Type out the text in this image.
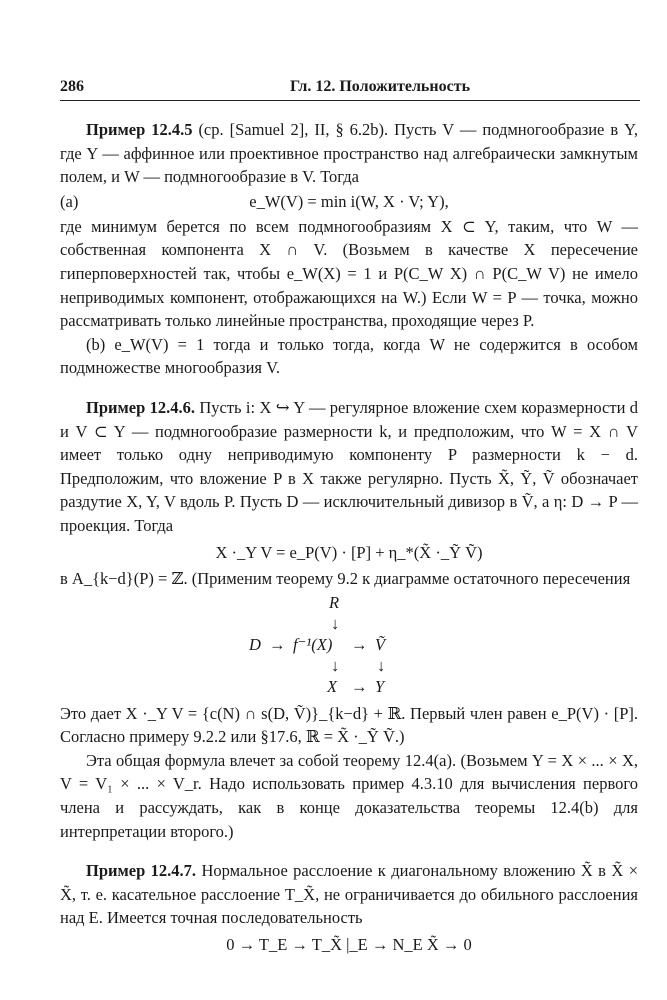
286	Гл. 12. Положительность

Пример 12.4.5 (ср. [Samuel 2], II, § 6.2b). Пусть V — подмногообразие в Y, где Y — аффинное или проективное пространство над алгебраически замкнутым полем, и W — подмногообразие в V. Тогда

(a)	e_W(V) = min i(W, X · V; Y),

где минимум берется по всем подмногообразиям X ⊂ Y, таким, что W — собственная компонента X ∩ V. (Возьмем в качестве X пересечение гиперповерхностей так, чтобы e_W(X) = 1 и P(C_W X) ∩ P(C_W V) не имело неприводимых компонент, отображающихся на W.) Если W = P — точка, можно рассматривать только линейные пространства, проходящие через P.

(b) e_W(V) = 1 тогда и только тогда, когда W не содержится в особом подмножестве многообразия V.

Пример 12.4.6. Пусть i: X ↪ Y — регулярное вложение схем коразмерности d и V ⊂ Y — подмногообразие размерности k, и предположим, что W = X ∩ V имеет только одну неприводимую компоненту P размерности k − d. Предположим, что вложение P в X также регулярно. Пусть X̃, Ỹ, Ṽ обозначает раздутие X, Y, V вдоль P. Пусть D — исключительный дивизор в Ṽ, а η: D → P — проекция. Тогда

X ·_Y V = e_P(V) · [P] + η_*(X̃ ·_Ỹ Ṽ)

в A_{k−d}(P) = ℤ. (Применим теорему 9.2 к диаграмме остаточного пересечения

R
↓
D → f⁻¹(X) → Ṽ
↓ ↓
X → Y

Это дает X ·_Y V = {c(N) ∩ s(D, Ṽ)}_{k−d} + ℝ. Первый член равен e_P(V) · [P]. Согласно примеру 9.2.2 или §17.6, ℝ = X̃ ·_Ỹ Ṽ.)

Эта общая формула влечет за собой теорему 12.4(a). (Возьмем Y = X × ... × X, V = V₁ × ... × V_r. Надо использовать пример 4.3.10 для вычисления первого члена и рассуждать, как в конце доказательства теоремы 12.4(b) для интерпретации второго.)

Пример 12.4.7. Нормальное расслоение к диагональному вложению X̃ в X̃ × X̃, т. е. касательное расслоение T_X̃, не ограничивается до обильного расслоения над E. Имеется точная последовательность

0 → T_E → T_X̃ |_E → N_E X̃ → 0
